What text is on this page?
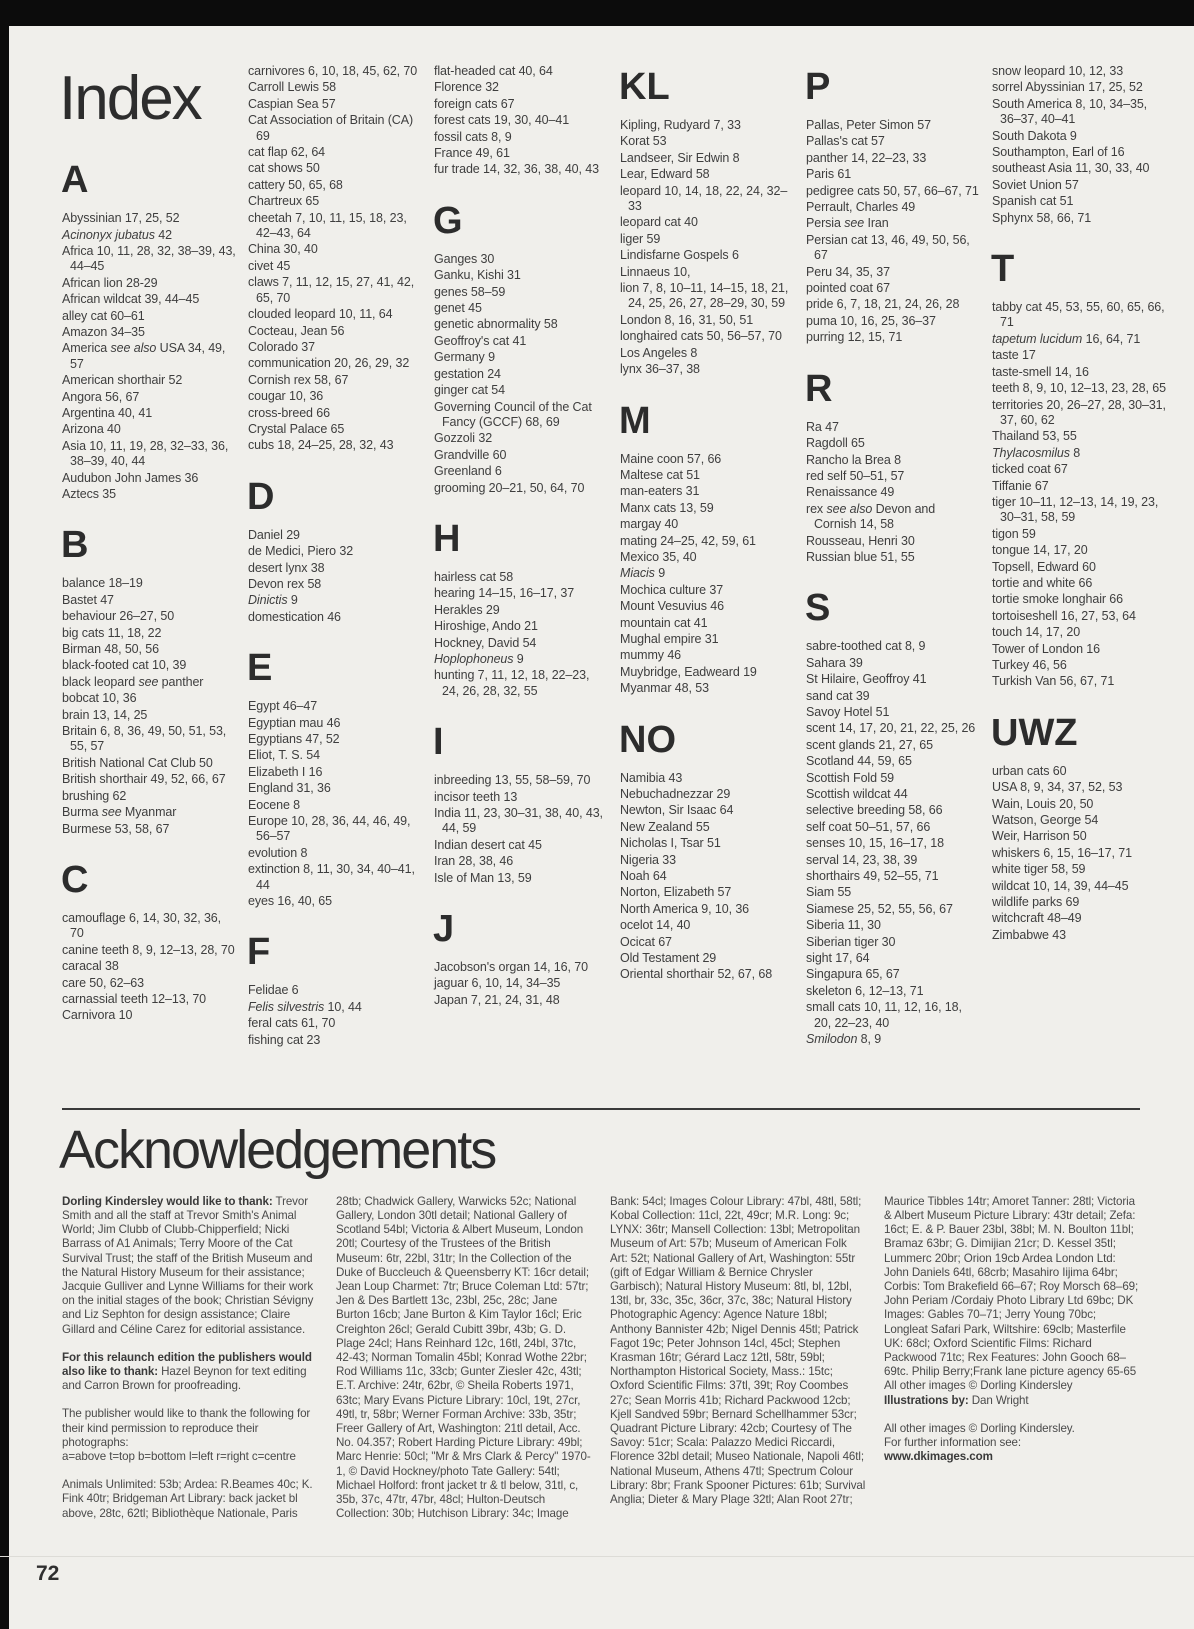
Index
A
Abyssinian 17, 25, 52
Acinonyx jubatus 42
Africa 10, 11, 28, 32, 38–39, 43, 44–45
African lion 28-29
African wildcat 39, 44–45
alley cat 60–61
Amazon 34–35
America see also USA 34, 49, 57
American shorthair 52
Angora 56, 67
Argentina 40, 41
Arizona 40
Asia 10, 11, 19, 28, 32–33, 36, 38–39, 40, 44
Audubon John James 36
Aztecs 35
B
balance 18–19
Bastet 47
behaviour 26–27, 50
big cats 11, 18, 22
Birman 48, 50, 56
black-footed cat 10, 39
black leopard see panther
bobcat 10, 36
brain 13, 14, 25
Britain 6, 8, 36, 49, 50, 51, 53, 55, 57
British National Cat Club 50
British shorthair 49, 52, 66, 67
brushing 62
Burma see Myanmar
Burmese 53, 58, 67
C
camouflage 6, 14, 30, 32, 36, 70
canine teeth 8, 9, 12–13, 28, 70
caracal 38
care 50, 62–63
carnassial teeth 12–13, 70
Carnivora 10
carnivores 6, 10, 18, 45, 62, 70
Carroll Lewis 58
Caspian Sea 57
Cat Association of Britain (CA) 69
cat flap 62, 64
cat shows 50
cattery 50, 65, 68
Chartreux 65
cheetah 7, 10, 11, 15, 18, 23, 42–43, 64
China 30, 40
civet 45
claws 7, 11, 12, 15, 27, 41, 42, 65, 70
clouded leopard 10, 11, 64
Cocteau, Jean 56
Colorado 37
communication 20, 26, 29, 32
Cornish rex 58, 67
cougar 10, 36
cross-breed 66
Crystal Palace 65
cubs 18, 24–25, 28, 32, 43
D
Daniel 29
de Medici, Piero 32
desert lynx 38
Devon rex 58
Dinictis 9
domestication 46
E
Egypt 46–47
Egyptian mau 46
Egyptians 47, 52
Eliot, T. S. 54
Elizabeth I 16
England 31, 36
Eocene 8
Europe 10, 28, 36, 44, 46, 49, 56–57
evolution 8
extinction 8, 11, 30, 34, 40–41, 44
eyes 16, 40, 65
F
Felidae 6
Felis silvestris 10, 44
feral cats 61, 70
fishing cat 23
flat-headed cat 40, 64
Florence 32
foreign cats 67
forest cats 19, 30, 40–41
fossil cats 8, 9
France 49, 61
fur trade 14, 32, 36, 38, 40, 43
G
Ganges 30
Ganku, Kishi 31
genes 58–59
genet 45
genetic abnormality 58
Geoffroy's cat 41
Germany 9
gestation 24
ginger cat 54
Governing Council of the Cat Fancy (GCCF) 68, 69
Gozzoli 32
Grandville 60
Greenland 6
grooming 20–21, 50, 64, 70
H
hairless cat 58
hearing 14–15, 16–17, 37
Herakles 29
Hiroshige, Ando 21
Hockney, David 54
Hoplophoneus 9
hunting 7, 11, 12, 18, 22–23, 24, 26, 28, 32, 55
I
inbreeding 13, 55, 58–59, 70
incisor teeth 13
India 11, 23, 30–31, 38, 40, 43, 44, 59
Indian desert cat 45
Iran 28, 38, 46
Isle of Man 13, 59
J
Jacobson's organ 14, 16, 70
jaguar 6, 10, 14, 34–35
Japan 7, 21, 24, 31, 48
KL
Kipling, Rudyard 7, 33
Korat 53
Landseer, Sir Edwin 8
Lear, Edward 58
leopard 10, 14, 18, 22, 24, 32–33
leopard cat 40
liger 59
Lindisfarne Gospels 6
Linnaeus 10,
lion 7, 8, 10–11, 14–15, 18, 21, 24, 25, 26, 27, 28–29, 30, 59
London 8, 16, 31, 50, 51
longhaired cats 50, 56–57, 70
Los Angeles 8
lynx 36–37, 38
M
Maine coon 57, 66
Maltese cat 51
man-eaters 31
Manx cats 13, 59
margay 40
mating 24–25, 42, 59, 61
Mexico 35, 40
Miacis 9
Mochica culture 37
Mount Vesuvius 46
mountain cat 41
Mughal empire 31
mummy 46
Muybridge, Eadweard 19
Myanmar 48, 53
NO
Namibia 43
Nebuchadnezzar 29
Newton, Sir Isaac 64
New Zealand 55
Nicholas I, Tsar 51
Nigeria 33
Noah 64
Norton, Elizabeth 57
North America 9, 10, 36
ocelot 14, 40
Ocicat 67
Old Testament 29
Oriental shorthair 52, 67, 68
P
Pallas, Peter Simon 57
Pallas's cat 57
panther 14, 22–23, 33
Paris 61
pedigree cats 50, 57, 66–67, 71
Perrault, Charles 49
Persia see Iran
Persian cat 13, 46, 49, 50, 56, 67
Peru 34, 35, 37
pointed coat 67
pride 6, 7, 18, 21, 24, 26, 28
puma 10, 16, 25, 36–37
purring 12, 15, 71
R
Ra 47
Ragdoll 65
Rancho la Brea 8
red self 50–51, 57
Renaissance 49
rex see also Devon and Cornish 14, 58
Rousseau, Henri 30
Russian blue 51, 55
S
sabre-toothed cat 8, 9
Sahara 39
St Hilaire, Geoffroy 41
sand cat 39
Savoy Hotel 51
scent 14, 17, 20, 21, 22, 25, 26
scent glands 21, 27, 65
Scotland 44, 59, 65
Scottish Fold 59
Scottish wildcat 44
selective breeding 58, 66
self coat 50–51, 57, 66
senses 10, 15, 16–17, 18
serval 14, 23, 38, 39
shorthairs 49, 52–55, 71
Siam 55
Siamese 25, 52, 55, 56, 67
Siberia 11, 30
Siberian tiger 30
sight 17, 64
Singapura 65, 67
skeleton 6, 12–13, 71
small cats 10, 11, 12, 16, 18, 20, 22–23, 40
Smilodon 8, 9
snow leopard 10, 12, 33
sorrel Abyssinian 17, 25, 52
South America 8, 10, 34–35, 36–37, 40–41
South Dakota 9
Southampton, Earl of 16
southeast Asia 11, 30, 33, 40
Soviet Union 57
Spanish cat 51
Sphynx 58, 66, 71
T
tabby cat 45, 53, 55, 60, 65, 66, 71
tapetum lucidum 16, 64, 71
taste 17
taste-smell 14, 16
teeth 8, 9, 10, 12–13, 23, 28, 65
territories 20, 26–27, 28, 30–31, 37, 60, 62
Thailand 53, 55
Thylacosmilus 8
ticked coat 67
Tiffanie 67
tiger 10–11, 12–13, 14, 19, 23, 30–31, 58, 59
tigon 59
tongue 14, 17, 20
Topsell, Edward 60
tortie and white 66
tortie smoke longhair 66
tortoiseshell 16, 27, 53, 64
touch 14, 17, 20
Tower of London 16
Turkey 46, 56
Turkish Van 56, 67, 71
UWZ
urban cats 60
USA 8, 9, 34, 37, 52, 53
Wain, Louis 20, 50
Watson, George 54
Weir, Harrison 50
whiskers 6, 15, 16–17, 71
white tiger 58, 59
wildcat 10, 14, 39, 44–45
wildlife parks 69
witchcraft 48–49
Zimbabwe 43
Acknowledgements

Dorling Kindersley would like to thank: Trevor Smith and all the staff at Trevor Smith's Animal World; Jim Clubb of Clubb-Chipperfield; Nicki Barrass of A1 Animals; Terry Moore of the Cat Survival Trust; the staff of the British Museum and the Natural History Museum for their assistance; Jacquie Gulliver and Lynne Williams for their work on the initial stages of the book; Christian Sévigny and Liz Sephton for design assistance; Claire Gillard and Céline Carez for editorial assistance.

For this relaunch edition the publishers would also like to thank: Hazel Beynon for text editing and Carron Brown for proofreading.

The publisher would like to thank the following for their kind permission to reproduce their photographs:
a=above t=top b=bottom l=left r=right c=centre

Animals Unlimited: 53b; Ardea: R.Beames 40c; K. Fink 40tr; Bridgeman Art Library: back jacket bl above, 28tc, 62tl; Bibliothèque Nationale, Paris

28tb; Chadwick Gallery, Warwicks 52c; National Gallery, London 30tl detail; National Gallery of Scotland 54bl; Victoria & Albert Museum, London 20tl; Courtesy of the Trustees of the British Museum: 6tr, 22bl, 31tr; In the Collection of the Duke of Buccleuch & Queensberry KT: 16cr detail; Jean Loup Charmet: 7tr; Bruce Coleman Ltd: 57tr; Jen & Des Bartlett 13c, 23bl, 25c, 28c; Jane Burton 16cb; Jane Burton & Kim Taylor 16cl; Eric Creighton 26cl; Gerald Cubitt 39br, 43b; G. D. Plage 24cl; Hans Reinhard 12c, 16tl, 24bl, 37tc, 42-43; Norman Tomalin 45bl; Konrad Wothe 22br; Rod Williams 11c, 33cb; Gunter Ziesler 42c, 43tl; E.T. Archive: 24tr, 62br, © Sheila Roberts 1971, 63tc; Mary Evans Picture Library: 10cl, 19t, 27cr, 49tl, tr, 58br; Werner Forman Archive: 33b, 35tr; Freer Gallery of Art, Washington: 21tl detail, Acc. No. 04.357; Robert Harding Picture Library: 49bl; Marc Henrie: 50cl; "Mr & Mrs Clark & Percy" 1970-1, © David Hockney/photo Tate Gallery: 54tl; Michael Holford: front jacket tr & tl below, 31tl, c, 35b, 37c, 47tr, 47br, 48cl; Hulton-Deutsch Collection: 30b; Hutchison Library: 34c; Image

Bank: 54cl; Images Colour Library: 47bl, 48tl, 58tl; Kobal Collection: 11cl, 22t, 49cr; M.R. Long: 9c; LYNX: 36tr; Mansell Collection: 13bl; Metropolitan Museum of Art: 57b; Museum of American Folk Art: 52t; National Gallery of Art, Washington: 55tr (gift of Edgar William & Bernice Chrysler Garbisch); Natural History Museum: 8tl, bl, 12bl, 13tl, br, 33c, 35c, 36cr, 37c, 38c; Natural History Photographic Agency: Agence Nature 18bl; Anthony Bannister 42b; Nigel Dennis 45tl; Patrick Fagot 19c; Peter Johnson 14cl, 45cl; Stephen Krasman 16tr; Gérard Lacz 12tl, 58tr, 59bl; Northampton Historical Society, Mass.: 15tc; Oxford Scientific Films: 37tl, 39t; Roy Coombes 27c; Sean Morris 41b; Richard Packwood 12cb; Kjell Sandved 59br; Bernard Schellhammer 53cr; Quadrant Picture Library: 42cb; Courtesy of The Savoy: 51cr; Scala: Palazzo Medici Riccardi, Florence 32bl detail; Museo Nationale, Napoli 46tl; National Museum, Athens 47tl; Spectrum Colour Library: 8br; Frank Spooner Pictures: 61b; Survival Anglia; Dieter & Mary Plage 32tl; Alan Root 27tr;

Maurice Tibbles 14tr; Amoret Tanner: 28tl; Victoria & Albert Museum Picture Library: 43tr detail; Zefa: 16ct; E. & P. Bauer 23bl, 38bl; M. N. Boulton 11bl; Bramaz 63br; G. Dimijian 21cr; D. Kessel 35tl; Lummerc 20br; Orion 19cb Ardea London Ltd: John Daniels 64tl, 68crb; Masahiro Iijima 64br; Corbis: Tom Brakefield 66–67; Roy Morsch 68–69; John Periam /Cordaiy Photo Library Ltd 69bc; DK Images: Gables 70–71; Jerry Young 70bc; Longleat Safari Park, Wiltshire: 69clb; Masterfile UK: 68cl; Oxford Scientific Films: Richard Packwood 71tc; Rex Features: John Gooch 68–69tc. Philip Berry;Frank lane picture agency 65-65 All other images © Dorling Kindersley Illustrations by: Dan Wright

All other images © Dorling Kindersley.
For further information see:
www.dkimages.com

72
